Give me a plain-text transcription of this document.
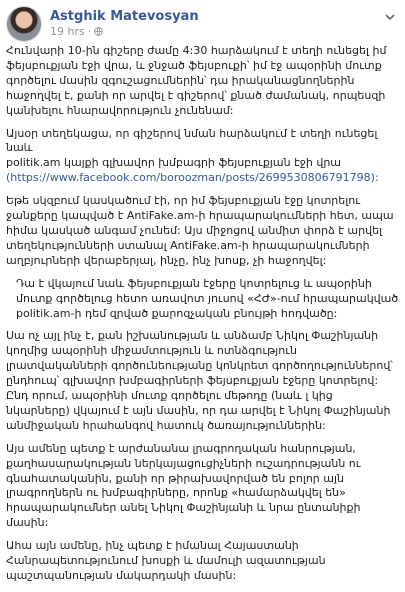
Astghik Matevosyan
19 hrs ·

Հունվարի 10-ին գիշերը ժամը 4:30 հարձակում է տեղի ունեցել իմ ֆեյսբուքյան էջի վրա, և ջնջած ֆեյսբուքի՝ իմ էջ ապօրինի մուտք գործելու մասին զգուշացումներին՝ դա իրականացնողներին հաջողվել է, քանի որ արվել է գիշերով՝ քնած ժամանակ, որպեսզի կանխելու հնարավորություն չունենամ:

Այսօր տեղեկացա, որ գիշերով նման հարձակում է տեղի ունեցել նաև

politik.am կայքի գլխավոր խմբագրի ֆեյսբուքյան էջի վրա

(https://www.facebook.com/boroozman/posts/2699530806791798):

Եթե սկզբում կասկածում էի, որ իմ ֆեյսբուքյան էջը կոտրելու ջանքերը կապված է AntiFake.am-ի հրապարակումների հետ, ապա հիմա կասկած անգամ չունեմ: Այս միջոցով անմիտ փորձ է արվել տեղեկությունների ստանալ AntiFake.am-ի հրապարակումների աղբյուրների վերաբերյալ, ինչը, ինչ խոսք, չի հաջողվել:

Դա է վկայում նաև ֆեյսբուքյան էջերը կոտրելուց և ապօրինի մուտք գործելուց հետո առավոտ յուսով «ՀԺ»-ում հրապարակված politik.am-ի դեմ զրված քարոզչական բնույթի հոդվածը:

Սա ոչ այլ ինչ է, քան իշխանության և անձամբ Նիկոլ Փաշինյանի կողմից ապօրինի միջամտություն և ոտնձգություն լրատվականների գործունեությանը կոնկրետ գործողություններով՝ ընդհուպ՝ գլխավոր խմբագիրների ֆեյսբուքյան էջերը կոտրելով: Ընդ որում, ապօրինի մուտք գործելու մեթոդը (նաև լ կից նկարները) վկայում է այն մասին, որ դա արվել է Նիկոլ Փաշինյանի անմիջական հրահանգով հատուկ ծառայություններին:

Այս ամենը պետք է արժանանա լրագրողական հանրության, քաղհասարակության ներկայացուցիչների ուշադրությանն ու գնահատականին, քանի որ թիրախավորված են բոլոր այն լրագրողներն ու խմբագիրները, որոնք «համարձակվել են» հրապարակումներ անել Նիկոլ Փաշինյանի և նրա ընտանիքի մասին:

Ահա այն ամենը, ինչ պետք է իմանալ Հայաստանի Հանրապետությունում խոսքի և մամուլի ազատության պաշտպանության մակարդակի մասին:
